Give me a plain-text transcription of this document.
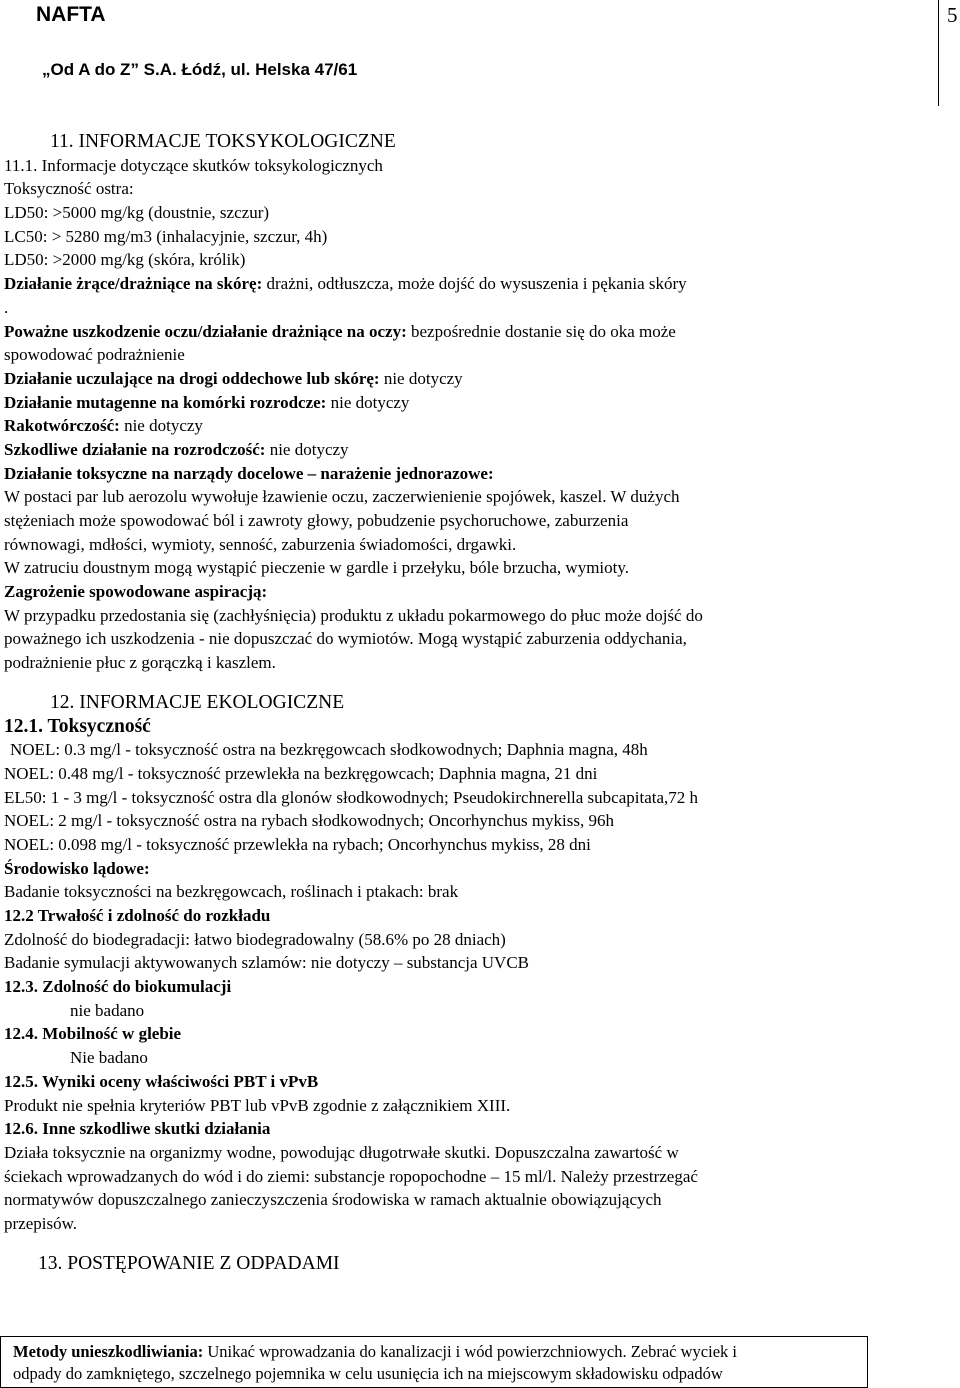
NAFTA
„Od A do Z” S.A. Łódź, ul. Helska 47/61
5
11. INFORMACJE TOKSYKOLOGICZNE
11.1. Informacje dotyczące skutków toksykologicznych
Toksyczność ostra:
LD50: >5000 mg/kg (doustnie, szczur)
LC50: > 5280 mg/m3 (inhalacyjnie, szczur, 4h)
LD50: >2000 mg/kg (skóra, królik)
Działanie żrące/drażniące na skórę: drażni, odtłuszcza, może dojść do wysuszenia i pękania skóry
.
Poważne uszkodzenie oczu/działanie drażniące na oczy: bezpośrednie dostanie się do oka może
spowodować podrażnienie
Działanie uczulające na drogi oddechowe lub skórę: nie dotyczy
Działanie mutagenne na komórki rozrodcze: nie dotyczy
Rakotwórczość: nie dotyczy
Szkodliwe działanie na rozrodczość: nie dotyczy
Działanie toksyczne na narządy docelowe – narażenie jednorazowe:
W postaci par lub aerozolu wywołuje łzawienie oczu, zaczerwienienie spojówek, kaszel. W dużych
stężeniach może spowodować ból i zawroty głowy, pobudzenie psychoruchowe, zaburzenia
równowagi, mdłości, wymioty, senność, zaburzenia świadomości, drgawki.
W zatruciu doustnym mogą wystąpić pieczenie w gardle i przełyku, bóle brzucha, wymioty.
Zagrożenie spowodowane aspiracją:
W przypadku przedostania się (zachłyśnięcia) produktu z układu pokarmowego do płuc może dojść do
poważnego ich uszkodzenia - nie dopuszczać do wymiotów. Mogą wystąpić zaburzenia oddychania,
podrażnienie płuc z gorączką i kaszlem.
12. INFORMACJE EKOLOGICZNE
12.1. Toksyczność
NOEL: 0.3 mg/l - toksyczność ostra na bezkręgowcach słodkowodnych; Daphnia magna, 48h
NOEL: 0.48 mg/l - toksyczność przewlekła na bezkręgowcach; Daphnia magna, 21 dni
EL50: 1 - 3 mg/l - toksyczność ostra dla glonów słodkowodnych; Pseudokirchnerella subcapitata,72 h
NOEL: 2 mg/l - toksyczność ostra na rybach słodkowodnych; Oncorhynchus mykiss, 96h
NOEL: 0.098 mg/l - toksyczność przewlekła na rybach; Oncorhynchus mykiss, 28 dni
Środowisko lądowe:
Badanie toksyczności na bezkręgowcach, roślinach i ptakach: brak
12.2 Trwałość i zdolność do rozkładu
Zdolność do biodegradacji: łatwo biodegradowalny (58.6% po 28 dniach)
Badanie symulacji aktywowanych szlamów: nie dotyczy – substancja UVCB
12.3. Zdolność do biokumulacji
nie badano
12.4. Mobilność w glebie
Nie badano
12.5. Wyniki oceny właściwości PBT i vPvB
Produkt nie spełnia kryteriów PBT lub vPvB zgodnie z załącznikiem XIII.
12.6. Inne szkodliwe skutki działania
Działa toksycznie na organizmy wodne, powodując długotrwałe skutki. Dopuszczalna zawartość w
ściekach wprowadzanych do wód i do ziemi: substancje ropopochodne – 15 ml/l. Należy przestrzegać
normatywów dopuszczalnego zanieczyszczenia środowiska w ramach aktualnie obowiązujących
przepisów.
13. POSTĘPOWANIE Z ODPADAMI
Metody unieszkodliwiania: Unikać wprowadzania do kanalizacji i wód powierzchniowych. Zebrać wyciek i
odpady do zamkniętego, szczelnego pojemnika w celu usunięcia ich na miejscowym składowisku odpadów
